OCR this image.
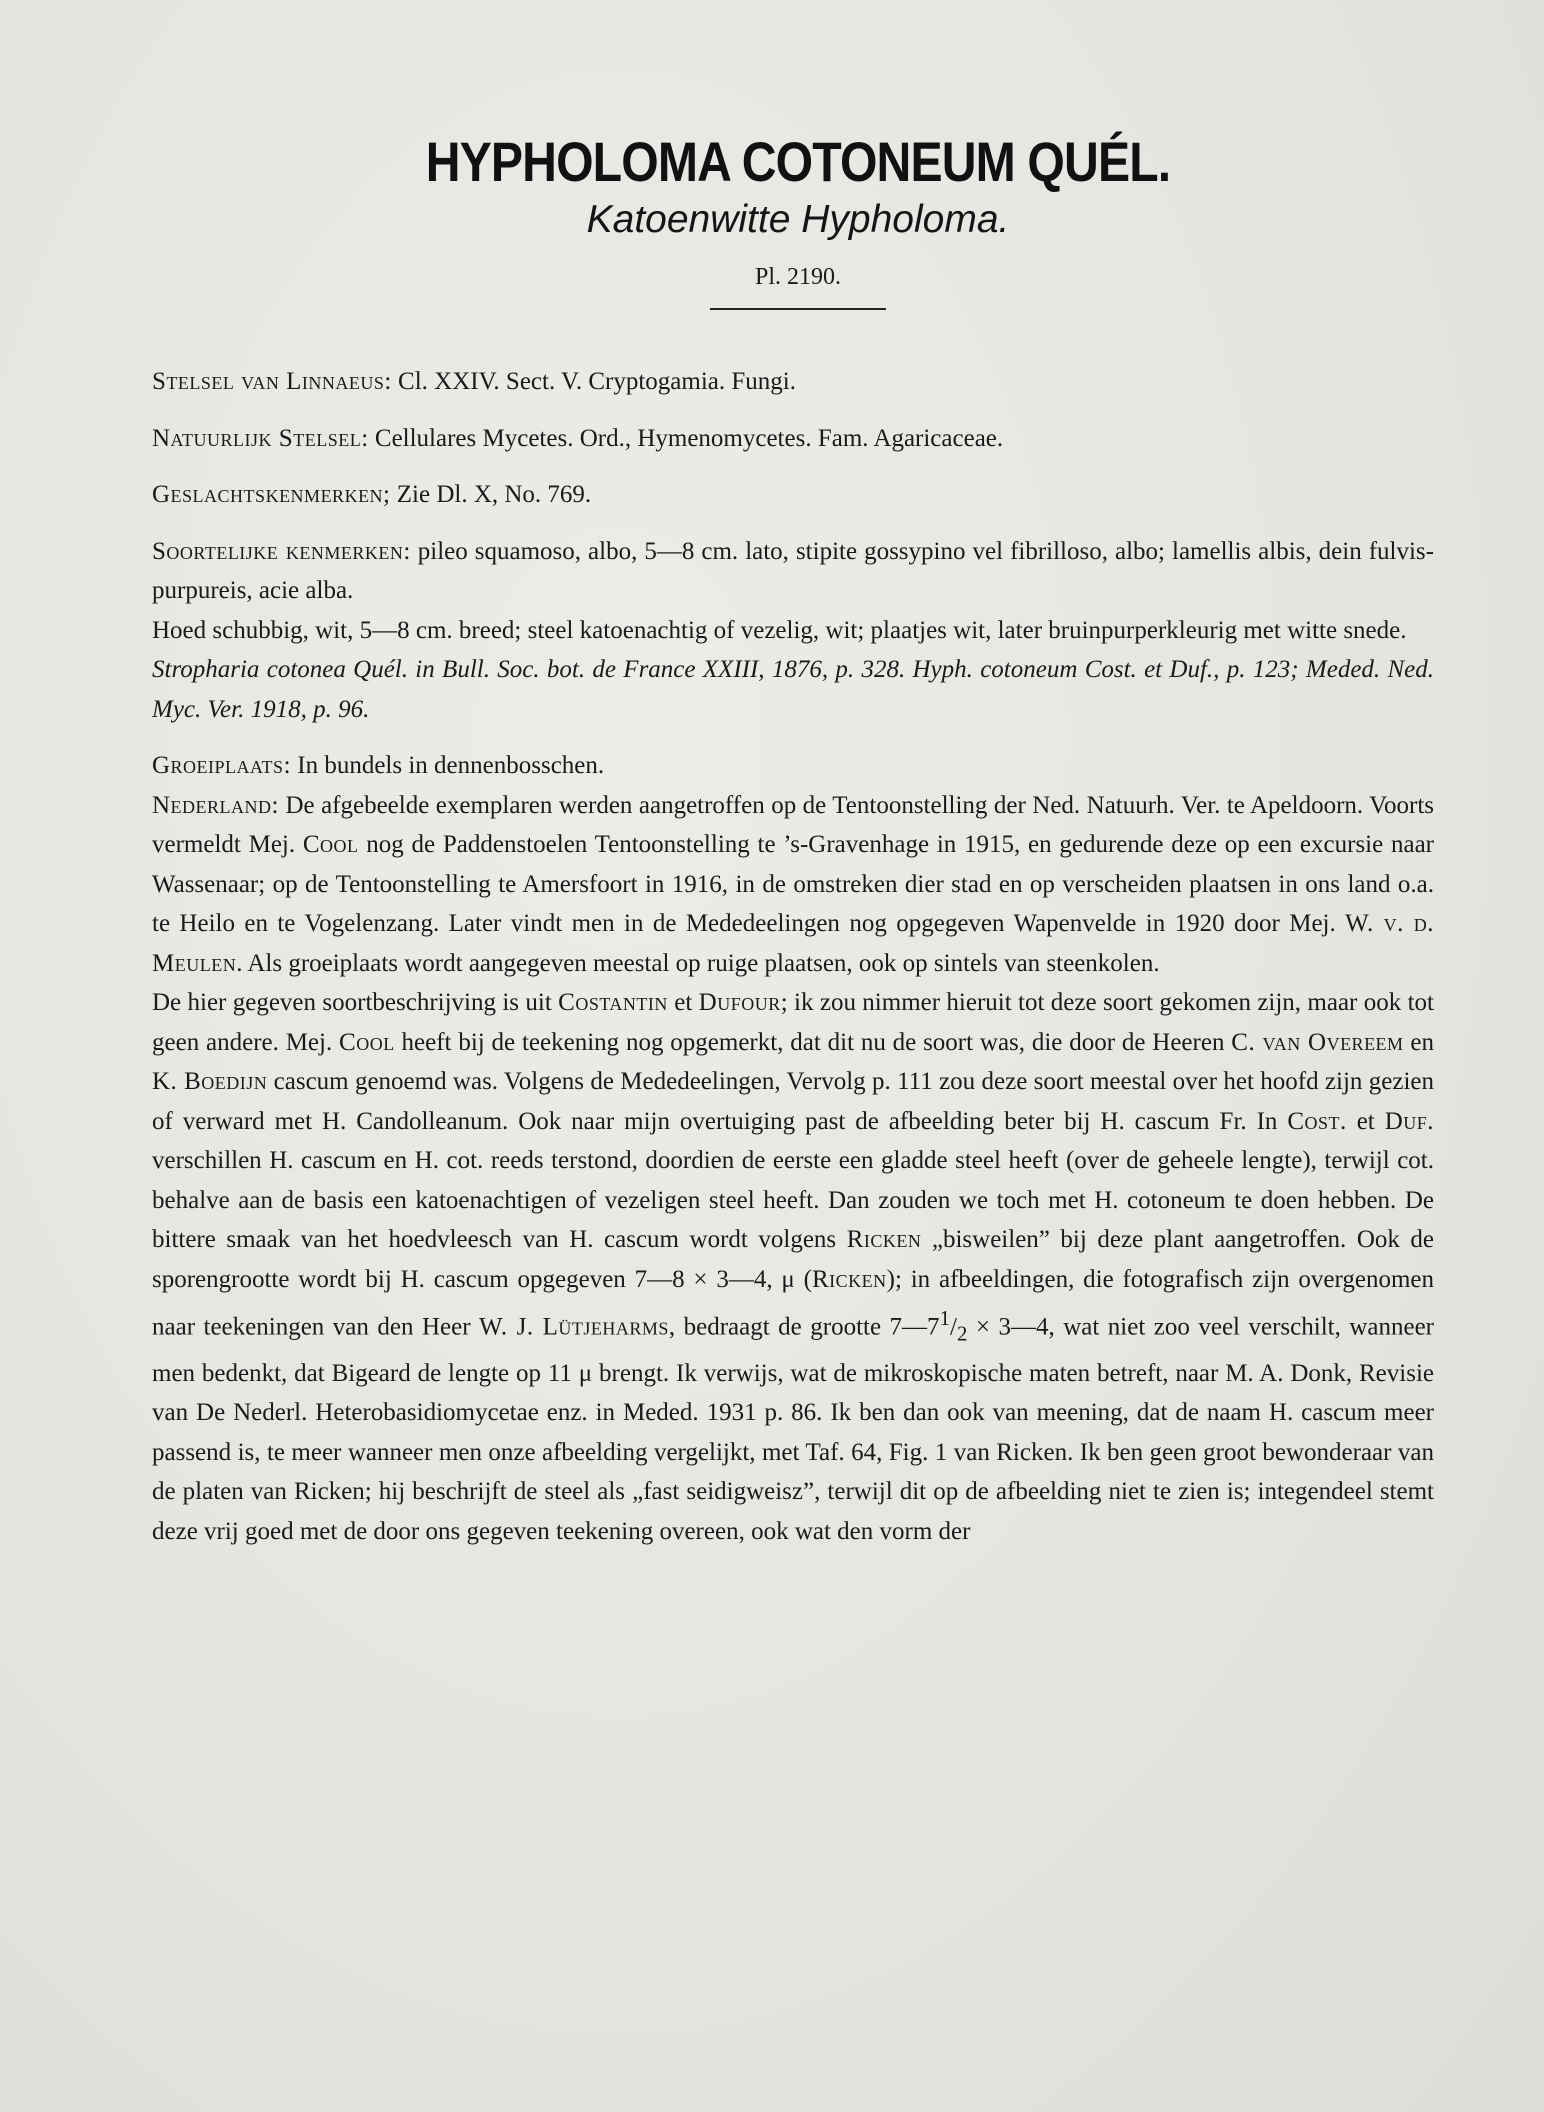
HYPHOLOMA COTONEUM QUÉL.
Katoenwitte Hypholoma.
Pl. 2190.

Stelsel van Linnaeus: Cl. XXIV. Sect. V. Cryptogamia. Fungi.

Natuurlijk Stelsel: Cellulares Mycetes. Ord., Hymenomycetes. Fam. Agaricaceae.

Geslachtskenmerken; Zie Dl. X, No. 769.

Soortelijke kenmerken: pileo squamoso, albo, 5—8 cm. lato, stipite gossypino vel fibrilloso, albo; lamellis albis, dein fulvis- purpureis, acie alba.

Hoed schubbig, wit, 5—8 cm. breed; steel katoenachtig of vezelig, wit; plaatjes wit, later bruinpurperkleurig met witte snede.

Stropharia cotonea Quél. in Bull. Soc. bot. de France XXIII, 1876, p. 328. Hyph. cotoneum Cost. et Duf., p. 123; Meded. Ned. Myc. Ver. 1918, p. 96.

Groeiplaats: In bundels in dennenbosschen.

Nederland: De afgebeelde exemplaren werden aangetroffen op de Tentoonstelling der Ned. Natuurh. Ver. te Apeldoorn. Voorts vermeldt Mej. Cool nog de Paddenstoelen Tentoonstelling te ’s-Gravenhage in 1915, en gedurende deze op een excursie naar Wassenaar; op de Tentoonstelling te Amersfoort in 1916, in de omstreken dier stad en op verscheiden plaatsen in ons land o.a. te Heilo en te Vogelenzang. Later vindt men in de Mededeelingen nog opgegeven Wapenvelde in 1920 door Mej. W. v. d. Meulen. Als groeiplaats wordt aangegeven meestal op ruige plaatsen, ook op sintels van steenkolen.

De hier gegeven soortbeschrijving is uit Costantin et Dufour; ik zou nimmer hieruit tot deze soort gekomen zijn, maar ook tot geen andere. Mej. Cool heeft bij de teekening nog opgemerkt, dat dit nu de soort was, die door de Heeren C. van Overeem en K. Boedijn cascum genoemd was. Volgens de Mededeelingen, Vervolg p. 111 zou deze soort meestal over het hoofd zijn gezien of verward met H. Candolleanum. Ook naar mijn overtuiging past de afbeelding beter bij H. cascum Fr. In Cost. et Duf. verschillen H. cascum en H. cot. reeds terstond, doordien de eerste een gladde steel heeft (over de geheele lengte), terwijl cot. behalve aan de basis een katoenachtigen of vezeligen steel heeft. Dan zouden we toch met H. cotoneum te doen hebben. De bittere smaak van het hoedvleesch van H. cascum wordt volgens Ricken „bisweilen” bij deze plant aangetroffen. Ook de sporengrootte wordt bij H. cascum opgegeven 7—8 × 3—4, μ (Ricken); in afbeeldingen, die fotografisch zijn overgenomen naar teekeningen van den Heer W. J. Lütjeharms, bedraagt de grootte $7—7^1/_2$ × 3—4, wat niet zoo veel verschilt, wanneer men bedenkt, dat Bigeard de lengte op 11 μ brengt. Ik verwijs, wat de mikroskopische maten betreft, naar M. A. Donk, Revisie van De Nederl. Heterobasidiomycetae enz. in Meded. 1931 p. 86. Ik ben dan ook van meening, dat de naam H. cascum meer passend is, te meer wanneer men onze afbeelding vergelijkt, met Taf. 64, Fig. 1 van Ricken. Ik ben geen groot bewonderaar van de platen van Ricken; hij beschrijft de steel als „fast seidigweisz”, terwijl dit op de afbeelding niet te zien is; integendeel stemt deze vrij goed met de door ons gegeven teekening overeen, ook wat den vorm der
